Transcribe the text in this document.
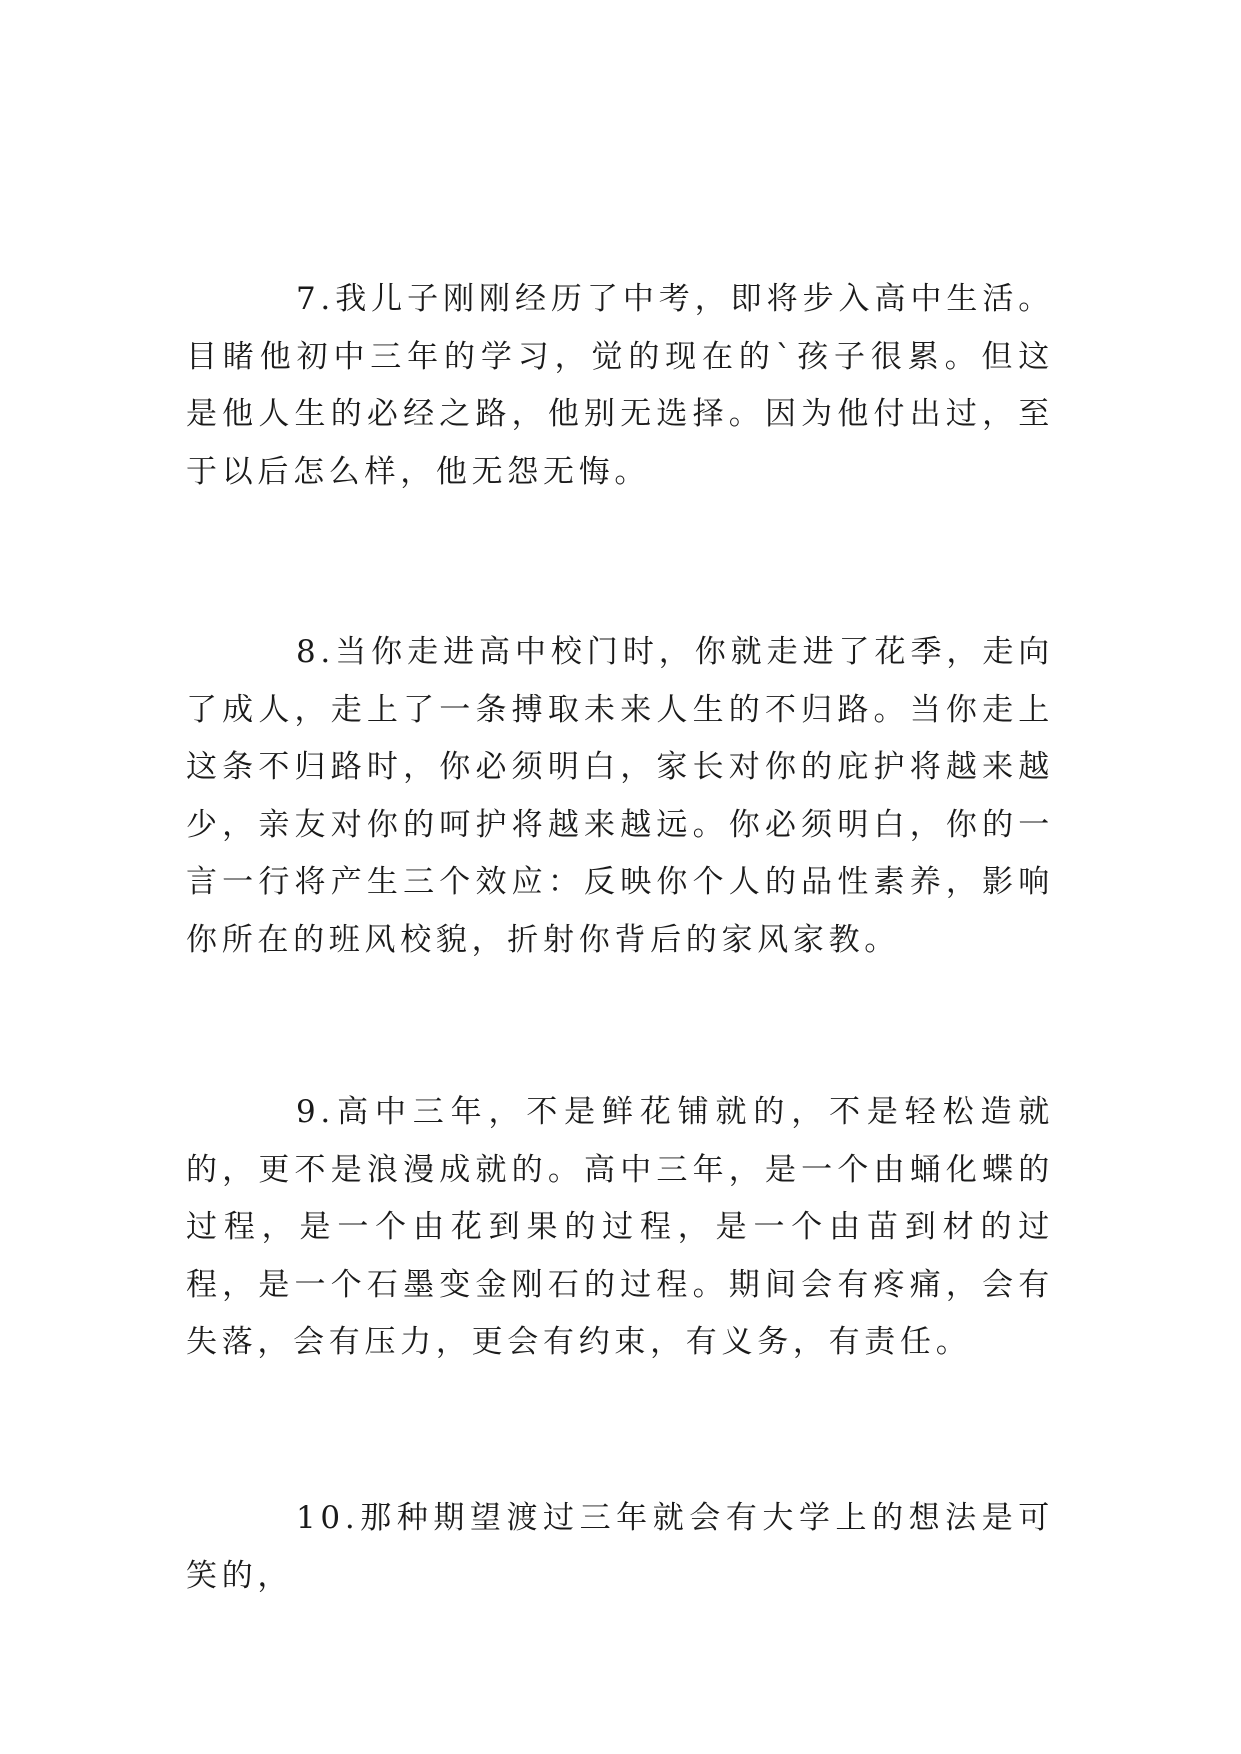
7.我儿子刚刚经历了中考，即将步入高中生活。目睹他初中三年的学习，觉的现在的`孩子很累。但这是他人生的必经之路，他别无选择。因为他付出过，至于以后怎么样，他无怨无悔。

8.当你走进高中校门时，你就走进了花季，走向了成人，走上了一条搏取未来人生的不归路。当你走上这条不归路时，你必须明白，家长对你的庇护将越来越少，亲友对你的呵护将越来越远。你必须明白，你的一言一行将产生三个效应：反映你个人的品性素养，影响你所在的班风校貌，折射你背后的家风家教。

9.高中三年，不是鲜花铺就的，不是轻松造就的，更不是浪漫成就的。高中三年，是一个由蛹化蝶的过程，是一个由花到果的过程，是一个由苗到材的过程，是一个石墨变金刚石的过程。期间会有疼痛，会有失落，会有压力，更会有约束，有义务，有责任。

10.那种期望渡过三年就会有大学上的想法是可笑的，
